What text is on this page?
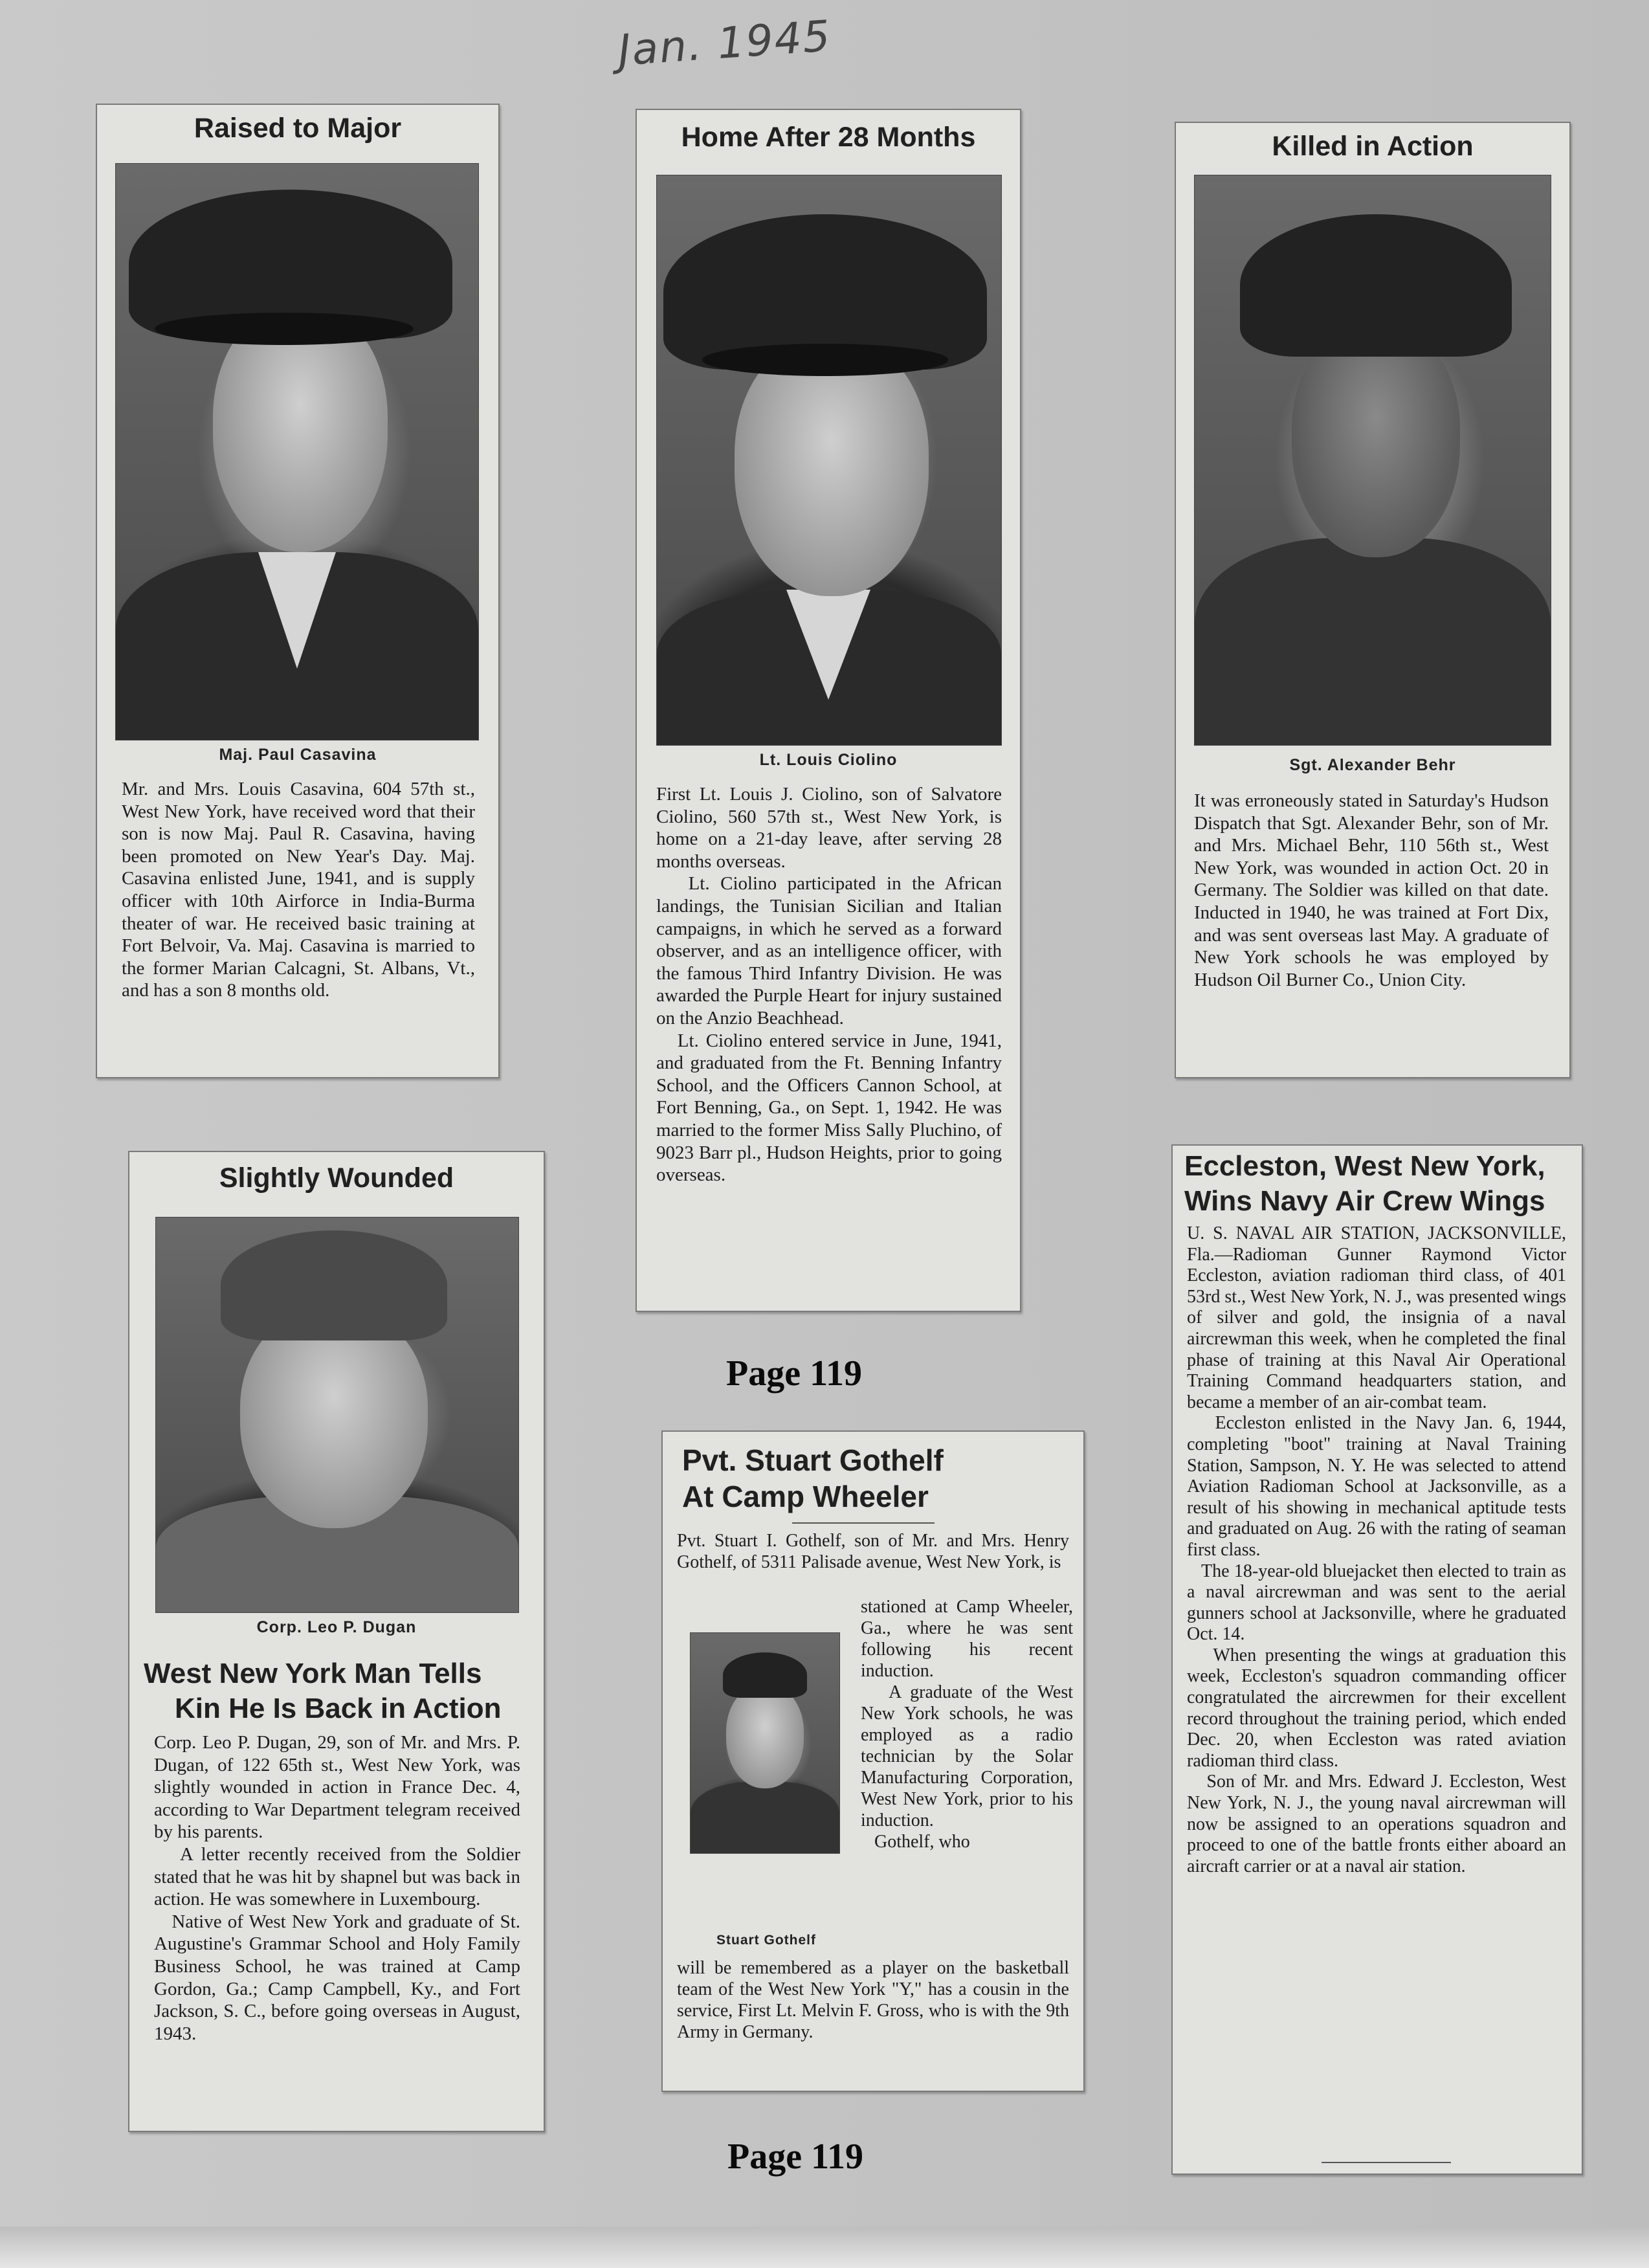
Jan. 1945
Raised to Major
Maj. Paul Casavina
Mr. and Mrs. Louis Casavina, 604 57th st., West New York, have received word that their son is now Maj. Paul R. Casavina, having been promoted on New Year's Day. Maj. Casavina enlisted June, 1941, and is supply officer with 10th Airforce in India-Burma theater of war. He received basic training at Fort Belvoir, Va. Maj. Casavina is married to the former Marian Calcagni, St. Albans, Vt., and has a son 8 months old.
Home After 28 Months
Lt. Louis Ciolino
First Lt. Louis J. Ciolino, son of Salvatore Ciolino, 560 57th st., West New York, is home on a 21-day leave, after serving 28 months overseas.
Lt. Ciolino participated in the African landings, the Tunisian Sicilian and Italian campaigns, in which he served as a forward observer, and as an intelligence officer, with the famous Third Infantry Division. He was awarded the Purple Heart for injury sustained on the Anzio Beachhead.
Lt. Ciolino entered service in June, 1941, and graduated from the Ft. Benning Infantry School, and the Officers Cannon School, at Fort Benning, Ga., on Sept. 1, 1942. He was married to the former Miss Sally Pluchino, of 9023 Barr pl., Hudson Heights, prior to going overseas.
Killed in Action
Sgt. Alexander Behr
It was erroneously stated in Saturday's Hudson Dispatch that Sgt. Alexander Behr, son of Mr. and Mrs. Michael Behr, 110 56th st., West New York, was wounded in action Oct. 20 in Germany. The Soldier was killed on that date. Inducted in 1940, he was trained at Fort Dix, and was sent overseas last May. A graduate of New York schools he was employed by Hudson Oil Burner Co., Union City.
Slightly Wounded
Corp. Leo P. Dugan
West New York Man Tells
Kin He Is Back in Action
Corp. Leo P. Dugan, 29, son of Mr. and Mrs. P. Dugan, of 122 65th st., West New York, was slightly wounded in action in France Dec. 4, according to War Department telegram received by his parents.
A letter recently received from the Soldier stated that he was hit by shapnel but was back in action. He was somewhere in Luxembourg.
Native of West New York and graduate of St. Augustine's Grammar School and Holy Family Business School, he was trained at Camp Gordon, Ga.; Camp Campbell, Ky., and Fort Jackson, S. C., before going overseas in August, 1943.
Pvt. Stuart Gothelf
At Camp Wheeler
Pvt. Stuart I. Gothelf, son of Mr. and Mrs. Henry Gothelf, of 5311 Palisade avenue, West New York, is
Stuart Gothelf
stationed at Camp Wheeler, Ga., where he was sent following his recent induction.
A graduate of the West New York schools, he was employed as a radio technician by the Solar Manufacturing Corporation, West New York, prior to his induction.
Gothelf, who
will be remembered as a player on the basketball team of the West New York "Y," has a cousin in the service, First Lt. Melvin F. Gross, who is with the 9th Army in Germany.
Eccleston, West New York,
Wins Navy Air Crew Wings
U. S. NAVAL AIR STATION, JACKSONVILLE, Fla.—Radioman Gunner Raymond Victor Eccleston, aviation radioman third class, of 401 53rd st., West New York, N. J., was presented wings of silver and gold, the insignia of a naval aircrewman this week, when he completed the final phase of training at this Naval Air Operational Training Command headquarters station, and became a member of an air-combat team.
Eccleston enlisted in the Navy Jan. 6, 1944, completing "boot" training at Naval Training Station, Sampson, N. Y. He was selected to attend Aviation Radioman School at Jacksonville, as a result of his showing in mechanical aptitude tests and graduated on Aug. 26 with the rating of seaman first class.
The 18-year-old bluejacket then elected to train as a naval aircrewman and was sent to the aerial gunners school at Jacksonville, where he graduated Oct. 14.
When presenting the wings at graduation this week, Eccleston's squadron commanding officer congratulated the aircrewmen for their excellent record throughout the training period, which ended Dec. 20, when Eccleston was rated aviation radioman third class.
Son of Mr. and Mrs. Edward J. Eccleston, West New York, N. J., the young naval aircrewman will now be assigned to an operations squadron and proceed to one of the battle fronts either aboard an aircraft carrier or at a naval air station.
Page 119
Page 119
